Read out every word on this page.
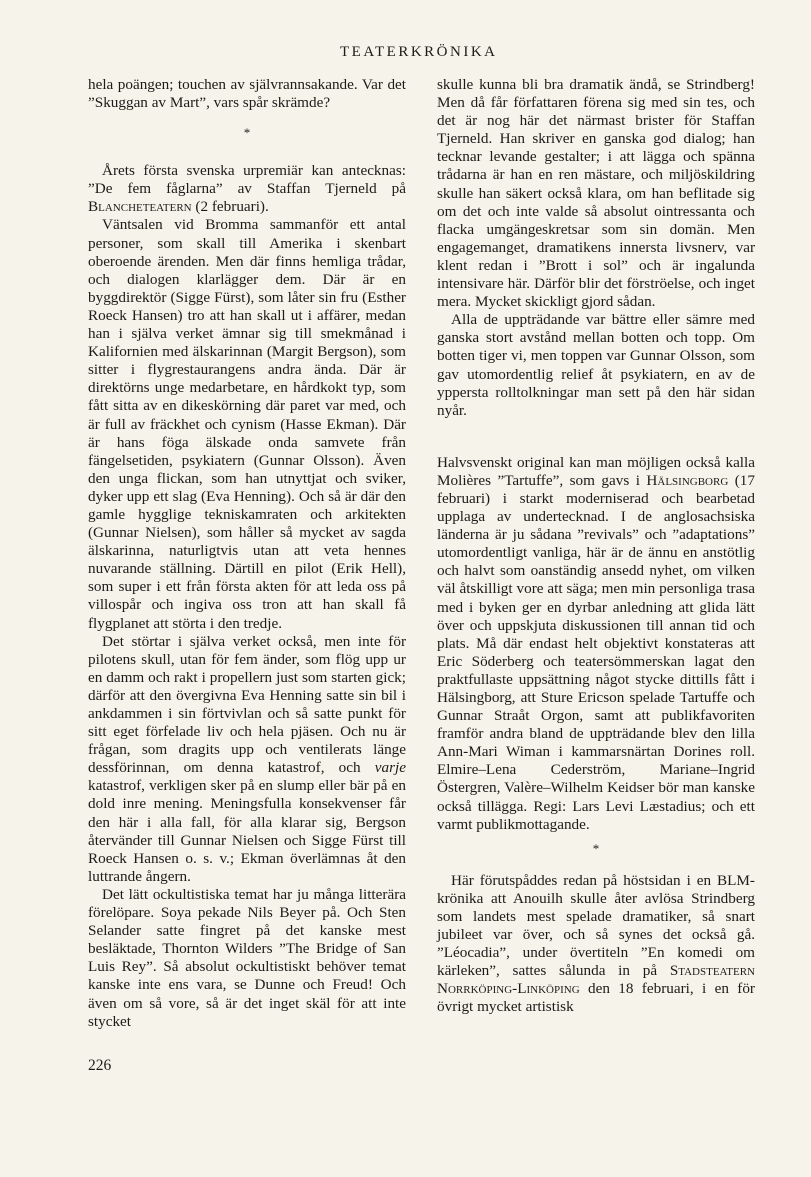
TEATERKRÖNIKA

hela poängen; touchen av självrannsakande. Var det ”Skuggan av Mart”, vars spår skrämde?

*

Årets första svenska urpremiär kan antecknas: ”De fem fåglarna” av Staffan Tjerneld på Blancheteatern (2 februari).

Väntsalen vid Bromma sammanför ett antal personer, som skall till Amerika i skenbart oberoende ärenden. Men där finns hemliga trådar, och dialogen klarlägger dem. Där är en byggdirektör (Sigge Fürst), som låter sin fru (Esther Roeck Hansen) tro att han skall ut i affärer, medan han i själva verket ämnar sig till smekmånad i Kalifornien med älskarinnan (Margit Bergson), som sitter i flygrestaurangens andra ända. Där är direktörns unge medarbetare, en hårdkokt typ, som fått sitta av en dikeskörning där paret var med, och är full av fräckhet och cynism (Hasse Ekman). Där är hans föga älskade onda samvete från fängelsetiden, psykiatern (Gunnar Olsson). Även den unga flickan, som han utnyttjat och sviker, dyker upp ett slag (Eva Henning). Och så är där den gamle hygglige tekniskamraten och arkitekten (Gunnar Nielsen), som håller så mycket av sagda älskarinna, naturligtvis utan att veta hennes nuvarande ställning. Därtill en pilot (Erik Hell), som super i ett från första akten för att leda oss på villospår och ingiva oss tron att han skall få flygplanet att störta i den tredje.

Det störtar i själva verket också, men inte för pilotens skull, utan för fem änder, som flög upp ur en damm och rakt i propellern just som starten gick; därför att den övergivna Eva Henning satte sin bil i ankdammen i sin förtvivlan och så satte punkt för sitt eget förfelade liv och hela pjäsen. Och nu är frågan, som dragits upp och ventilerats länge dessförinnan, om denna katastrof, och varje katastrof, verkligen sker på en slump eller bär på en dold inre mening. Meningsfulla konsekvenser får den här i alla fall, för alla klarar sig, Bergson återvänder till Gunnar Nielsen och Sigge Fürst till Roeck Hansen o. s. v.; Ekman överlämnas åt den luttrande ångern.

Det lätt ockultistiska temat har ju många litterära förelöpare. Soya pekade Nils Beyer på. Och Sten Selander satte fingret på det kanske mest besläktade, Thornton Wilders ”The Bridge of San Luis Rey”. Så absolut ockultistiskt behöver temat kanske inte ens vara, se Dunne och Freud! Och även om så vore, så är det inget skäl för att inte stycket

skulle kunna bli bra dramatik ändå, se Strindberg! Men då får författaren förena sig med sin tes, och det är nog här det närmast brister för Staffan Tjerneld. Han skriver en ganska god dialog; han tecknar levande gestalter; i att lägga och spänna trådarna är han en ren mästare, och miljöskildring skulle han säkert också klara, om han beflitade sig om det och inte valde så absolut ointressanta och flacka umgängeskretsar som sin domän. Men engagemanget, dramatikens innersta livsnerv, var klent redan i ”Brott i sol” och är ingalunda intensivare här. Därför blir det förströelse, och inget mera. Mycket skickligt gjord sådan.

Alla de uppträdande var bättre eller sämre med ganska stort avstånd mellan botten och topp. Om botten tiger vi, men toppen var Gunnar Olsson, som gav utomordentlig relief åt psykiatern, en av de yppersta rolltolkningar man sett på den här sidan nyår.

Halvsvenskt original kan man möjligen också kalla Molières ”Tartuffe”, som gavs i Hälsingborg (17 februari) i starkt moderniserad och bearbetad upplaga av undertecknad. I de anglosachsiska länderna är ju sådana ”revivals” och ”adaptations” utomordentligt vanliga, här är de ännu en anstötlig och halvt som oanständig ansedd nyhet, om vilken väl åtskilligt vore att säga; men min personliga trasa med i byken ger en dyrbar anledning att glida lätt över och uppskjuta diskussionen till annan tid och plats. Må där endast helt objektivt konstateras att Eric Söderberg och teatersömmerskan lagat den praktfullaste uppsättning något stycke dittills fått i Hälsingborg, att Sture Ericson spelade Tartuffe och Gunnar Straåt Orgon, samt att publikfavoriten framför andra bland de uppträdande blev den lilla Ann-Mari Wiman i kammarsnärtan Dorines roll. Elmire–Lena Cederström, Mariane–Ingrid Östergren, Valère–Wilhelm Keidser bör man kanske också tillägga. Regi: Lars Levi Læstadius; och ett varmt publikmottagande.

*

Här förutspåddes redan på höstsidan i en BLM-krönika att Anouilh skulle åter avlösa Strindberg som landets mest spelade dramatiker, så snart jubileet var över, och så synes det också gå. ”Léocadia”, under övertiteln ”En komedi om kärleken”, sattes sålunda in på Stadsteatern Norrköping-Linköping den 18 februari, i en för övrigt mycket artistisk

226
